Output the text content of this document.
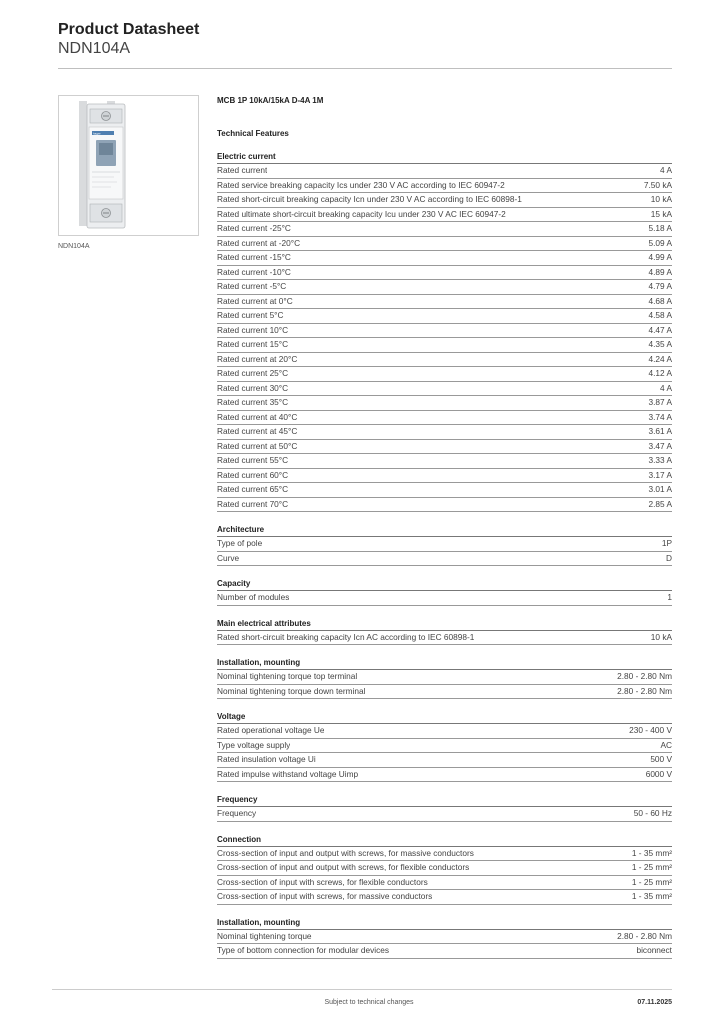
Product Datasheet
NDN104A
hager
NDN104A
MCB 1P 10kA/15kA D-4A 1M
Technical Features
Electric current
Rated current	4 A
Rated service breaking capacity Ics under 230 V AC according to IEC 60947-2	7.50 kA
Rated short-circuit breaking capacity Icn under 230 V AC according to IEC 60898-1	10 kA
Rated ultimate short-circuit breaking capacity Icu under 230 V AC IEC 60947-2	15 kA
Rated current -25°C	5.18 A
Rated current at -20°C	5.09 A
Rated current -15°C	4.99 A
Rated current -10°C	4.89 A
Rated current -5°C	4.79 A
Rated current at 0°C	4.68 A
Rated current 5°C	4.58 A
Rated current 10°C	4.47 A
Rated current 15°C	4.35 A
Rated current at 20°C	4.24 A
Rated current 25°C	4.12 A
Rated current 30°C	4 A
Rated current 35°C	3.87 A
Rated current at 40°C	3.74 A
Rated current at 45°C	3.61 A
Rated current at 50°C	3.47 A
Rated current 55°C	3.33 A
Rated current 60°C	3.17 A
Rated current 65°C	3.01 A
Rated current 70°C	2.85 A
Architecture
Type of pole	1P
Curve	D
Capacity
Number of modules	1
Main electrical attributes
Rated short-circuit breaking capacity Icn AC according to IEC 60898-1	10 kA
Installation, mounting
Nominal tightening torque top terminal	2.80 - 2.80 Nm
Nominal tightening torque down terminal	2.80 - 2.80 Nm
Voltage
Rated operational voltage Ue	230 - 400 V
Type voltage supply	AC
Rated insulation voltage Ui	500 V
Rated impulse withstand voltage Uimp	6000 V
Frequency
Frequency	50 - 60 Hz
Connection
Cross-section of input and output with screws, for massive conductors	1 - 35 mm²
Cross-section of input and output with screws, for flexible conductors	1 - 25 mm²
Cross-section of input with screws, for flexible conductors	1 - 25 mm²
Cross-section of input with screws, for massive conductors	1 - 35 mm²
Installation, mounting
Nominal tightening torque	2.80 - 2.80 Nm
Type of bottom connection for modular devices	biconnect
Subject to technical changes	07.11.2025
